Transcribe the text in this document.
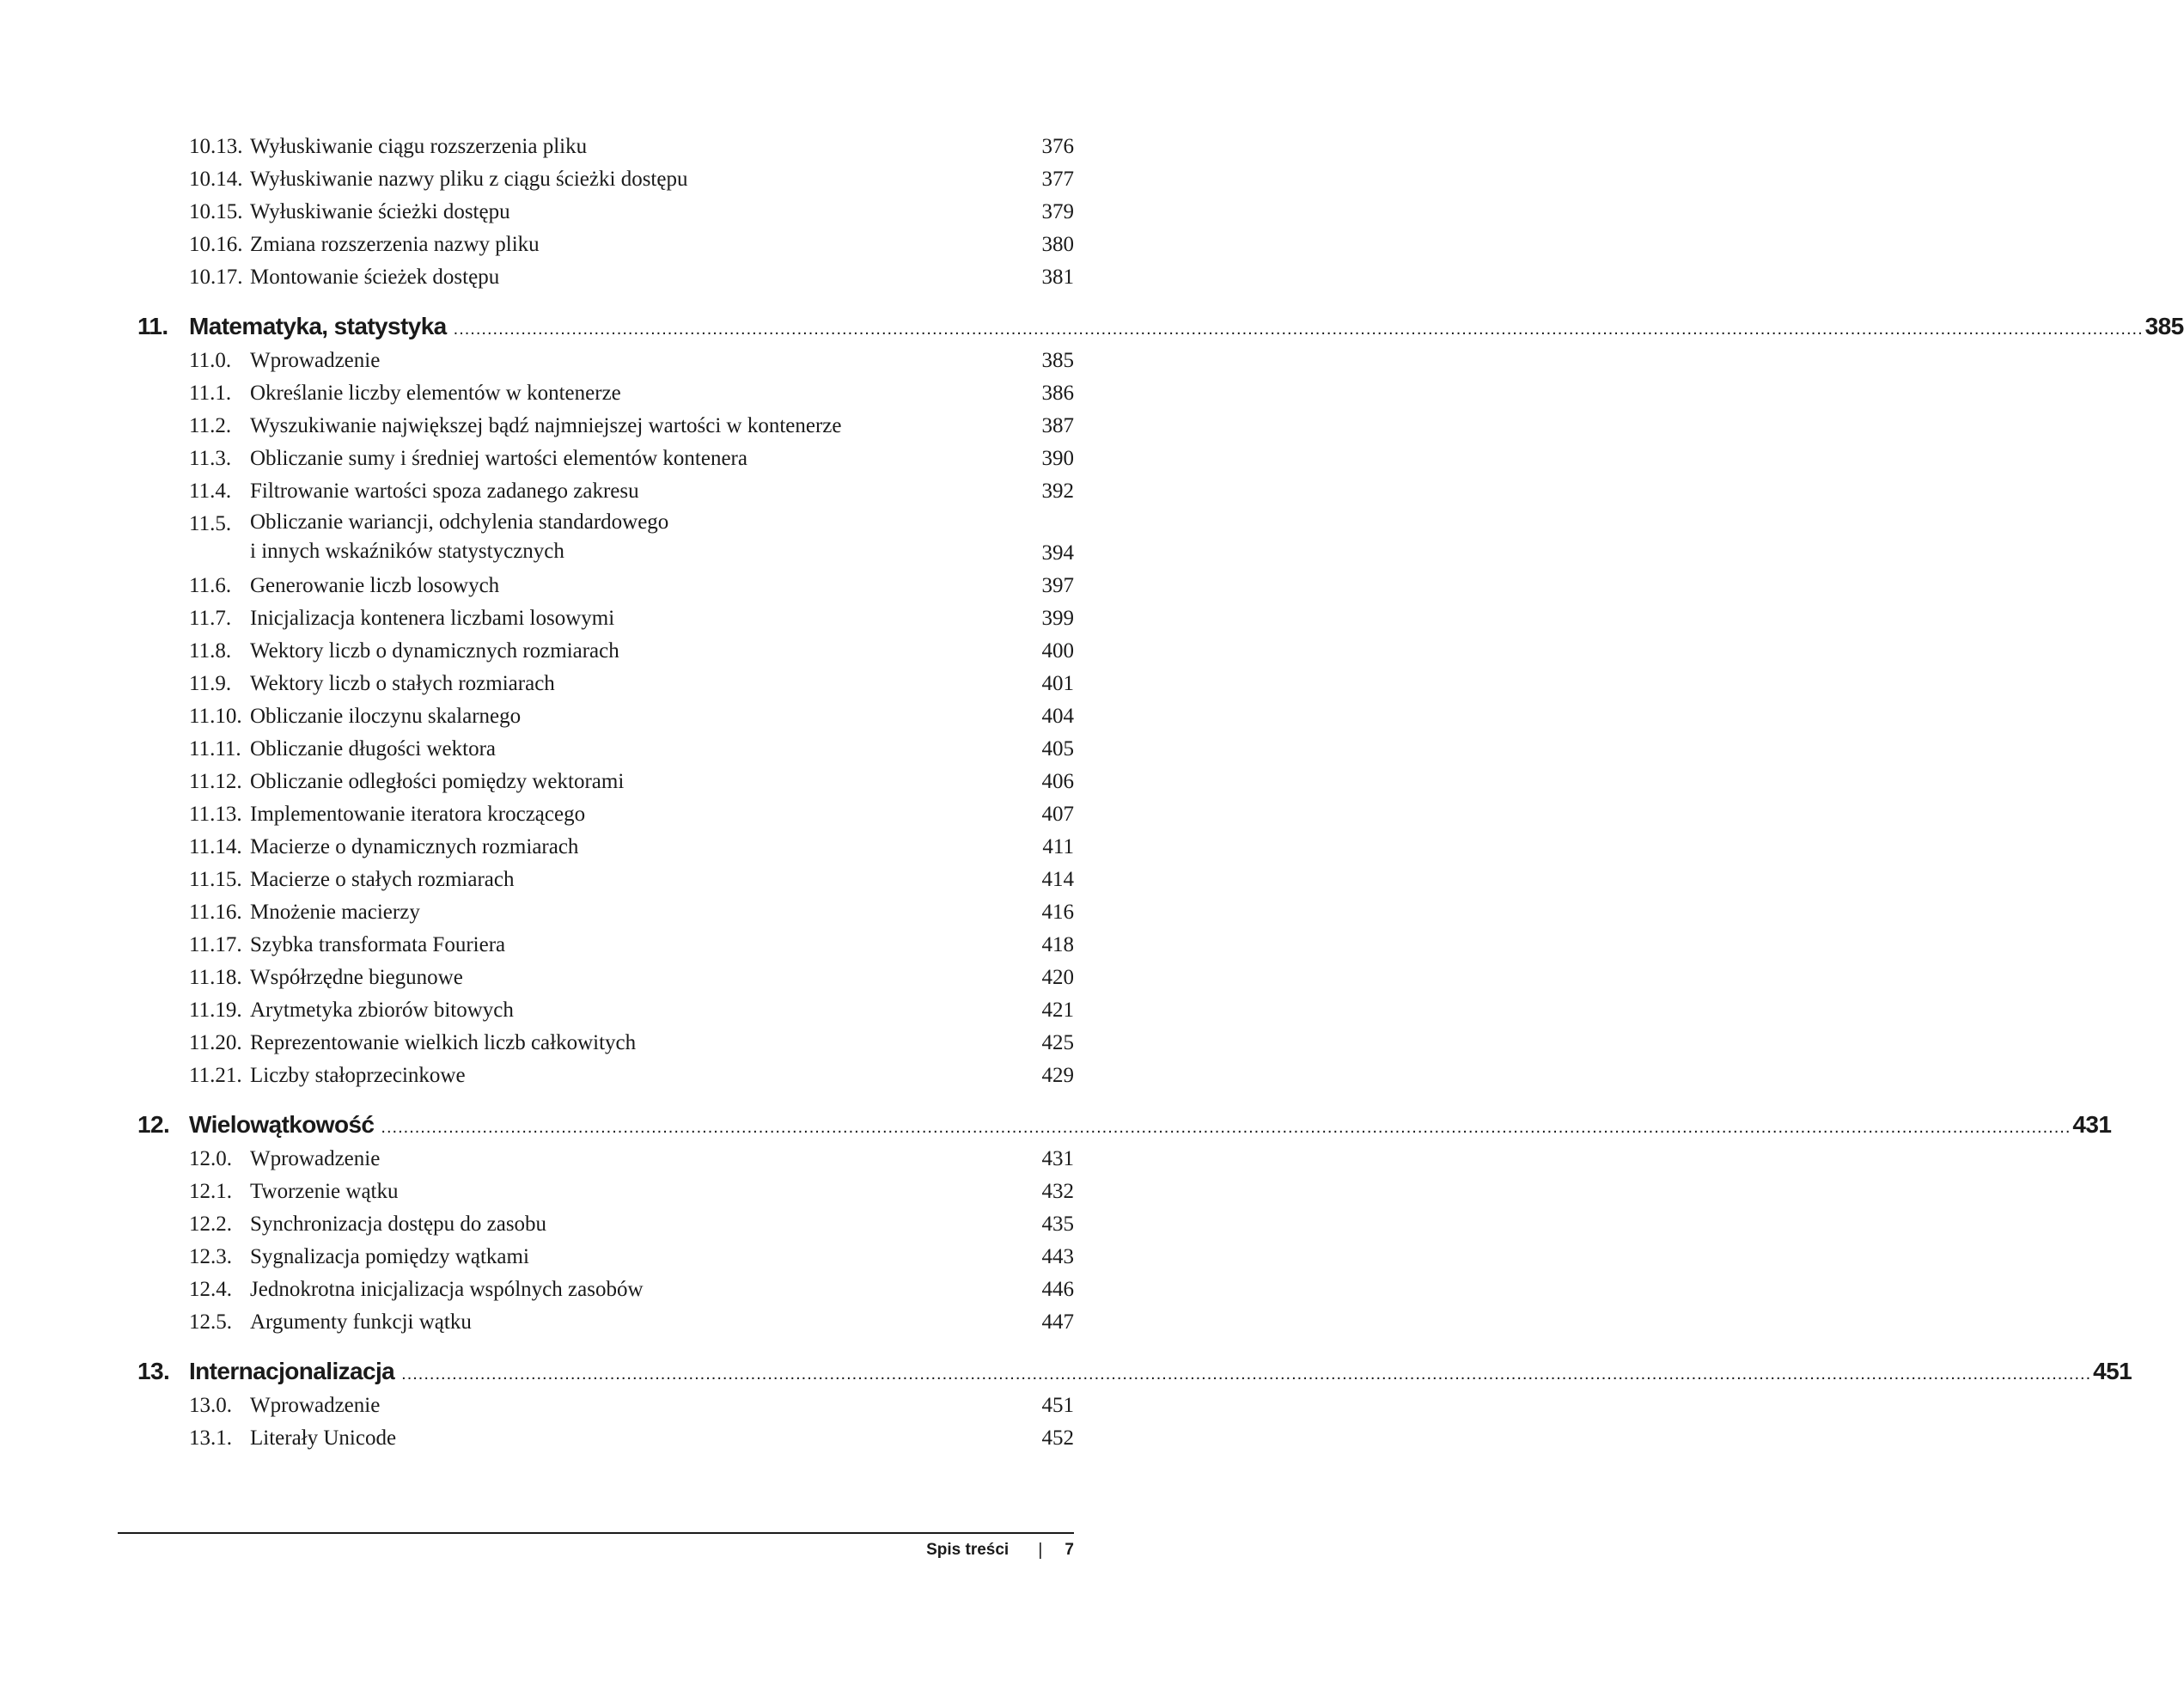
10.13. Wyłuskiwanie ciągu rozszerzenia pliku	376
10.14. Wyłuskiwanie nazwy pliku z ciągu ścieżki dostępu	377
10.15. Wyłuskiwanie ścieżki dostępu	379
10.16. Zmiana rozszerzenia nazwy pliku	380
10.17. Montowanie ścieżek dostępu	381
11. Matematyka, statystyka ............................................................................................................................................................................................................................................................................................................ 385
11.0. Wprowadzenie	385
11.1. Określanie liczby elementów w kontenerze	386
11.2. Wyszukiwanie największej bądź najmniejszej wartości w kontenerze	387
11.3. Obliczanie sumy i średniej wartości elementów kontenera	390
11.4. Filtrowanie wartości spoza zadanego zakresu	392
11.5. Obliczanie wariancji, odchylenia standardowego
i innych wskaźników statystycznych	394
11.6. Generowanie liczb losowych	397
11.7. Inicjalizacja kontenera liczbami losowymi	399
11.8. Wektory liczb o dynamicznych rozmiarach	400
11.9. Wektory liczb o stałych rozmiarach	401
11.10. Obliczanie iloczynu skalarnego	404
11.11. Obliczanie długości wektora	405
11.12. Obliczanie odległości pomiędzy wektorami	406
11.13. Implementowanie iteratora kroczącego	407
11.14. Macierze o dynamicznych rozmiarach	411
11.15. Macierze o stałych rozmiarach	414
11.16. Mnożenie macierzy	416
11.17. Szybka transformata Fouriera	418
11.18. Współrzędne biegunowe	420
11.19. Arytmetyka zbiorów bitowych	421
11.20. Reprezentowanie wielkich liczb całkowitych	425
11.21. Liczby stałoprzecinkowe	429
12. Wielowątkowość ............................................................................................................................................................................................................................................................................................................ 431
12.0. Wprowadzenie	431
12.1. Tworzenie wątku	432
12.2. Synchronizacja dostępu do zasobu	435
12.3. Sygnalizacja pomiędzy wątkami	443
12.4. Jednokrotna inicjalizacja wspólnych zasobów	446
12.5. Argumenty funkcji wątku	447
13. Internacjonalizacja ............................................................................................................................................................................................................................................................................................................ 451
13.0. Wprowadzenie	451
13.1. Literały Unicode	452
Spis treści | 7
